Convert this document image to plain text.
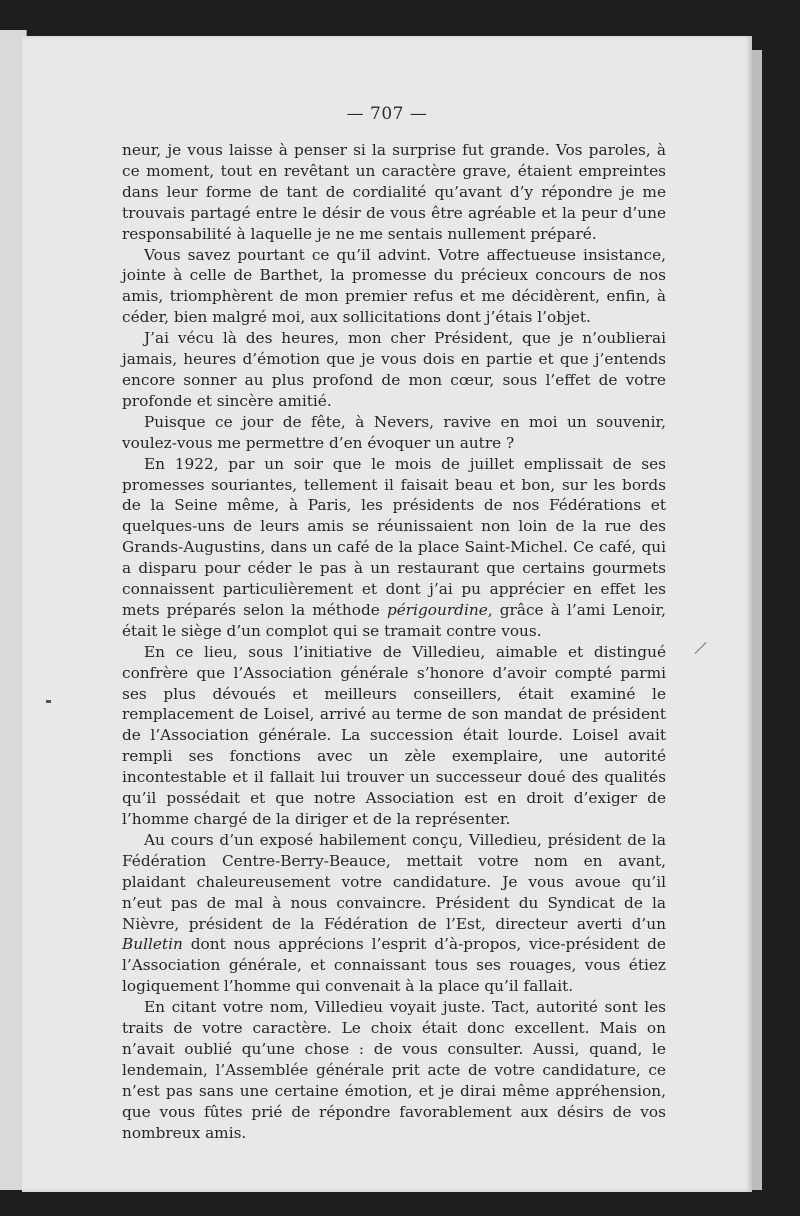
— 707 —

neur, je vous laisse à penser si la surprise fut grande. Vos paroles, à ce moment, tout en revêtant un caractère grave, étaient empreintes dans leur forme de tant de cordialité qu’avant d’y répondre je me trouvais partagé entre le désir de vous être agréable et la peur d’une responsabilité à laquelle je ne me sentais nullement préparé.

Vous savez pourtant ce qu’il advint. Votre affectueuse insistance, jointe à celle de Barthet, la promesse du précieux concours de nos amis, triomphèrent de mon premier refus et me décidèrent, enfin, à céder, bien malgré moi, aux sollicitations dont j’étais l’objet.

J’ai vécu là des heures, mon cher Président, que je n’oublierai jamais, heures d’émotion que je vous dois en partie et que j’entends encore sonner au plus profond de mon cœur, sous l’effet de votre profonde et sincère amitié.

Puisque ce jour de fête, à Nevers, ravive en moi un souvenir, voulez-vous me permettre d’en évoquer un autre ?

En 1922, par un soir que le mois de juillet emplissait de ses promesses souriantes, tellement il faisait beau et bon, sur les bords de la Seine même, à Paris, les présidents de nos Fédérations et quelques-uns de leurs amis se réunissaient non loin de la rue des Grands-Augustins, dans un café de la place Saint-Michel. Ce café, qui a disparu pour céder le pas à un restaurant que certains gourmets connaissent particulièrement et dont j’ai pu apprécier en effet les mets préparés selon la méthode périgourdine, grâce à l’ami Lenoir, était le siège d’un complot qui se tramait contre vous.

En ce lieu, sous l’initiative de Villedieu, aimable et distingué confrère que l’Association générale s’honore d’avoir compté parmi ses plus dévoués et meilleurs conseillers, était examiné le remplacement de Loisel, arrivé au terme de son mandat de président de l’Association générale. La succession était lourde. Loisel avait rempli ses fonctions avec un zèle exemplaire, une autorité incontestable et il fallait lui trouver un successeur doué des qualités qu’il possédait et que notre Association est en droit d’exiger de l’homme chargé de la diriger et de la représenter.

Au cours d’un exposé habilement conçu, Villedieu, président de la Fédération Centre-Berry-Beauce, mettait votre nom en avant, plaidant chaleureusement votre candidature. Je vous avoue qu’il n’eut pas de mal à nous convaincre. Président du Syndicat de la Nièvre, président de la Fédération de l’Est, directeur averti d’un Bulletin dont nous apprécions l’esprit d’à-propos, vice-président de l’Association générale, et connaissant tous ses rouages, vous étiez logiquement l’homme qui convenait à la place qu’il fallait.

En citant votre nom, Villedieu voyait juste. Tact, autorité sont les traits de votre caractère. Le choix était donc excellent. Mais on n’avait oublié qu’une chose : de vous consulter. Aussi, quand, le lendemain, l’Assemblée générale prit acte de votre candidature, ce n’est pas sans une certaine émotion, et je dirai même appréhension, que vous fûtes prié de répondre favorablement aux désirs de vos nombreux amis.
